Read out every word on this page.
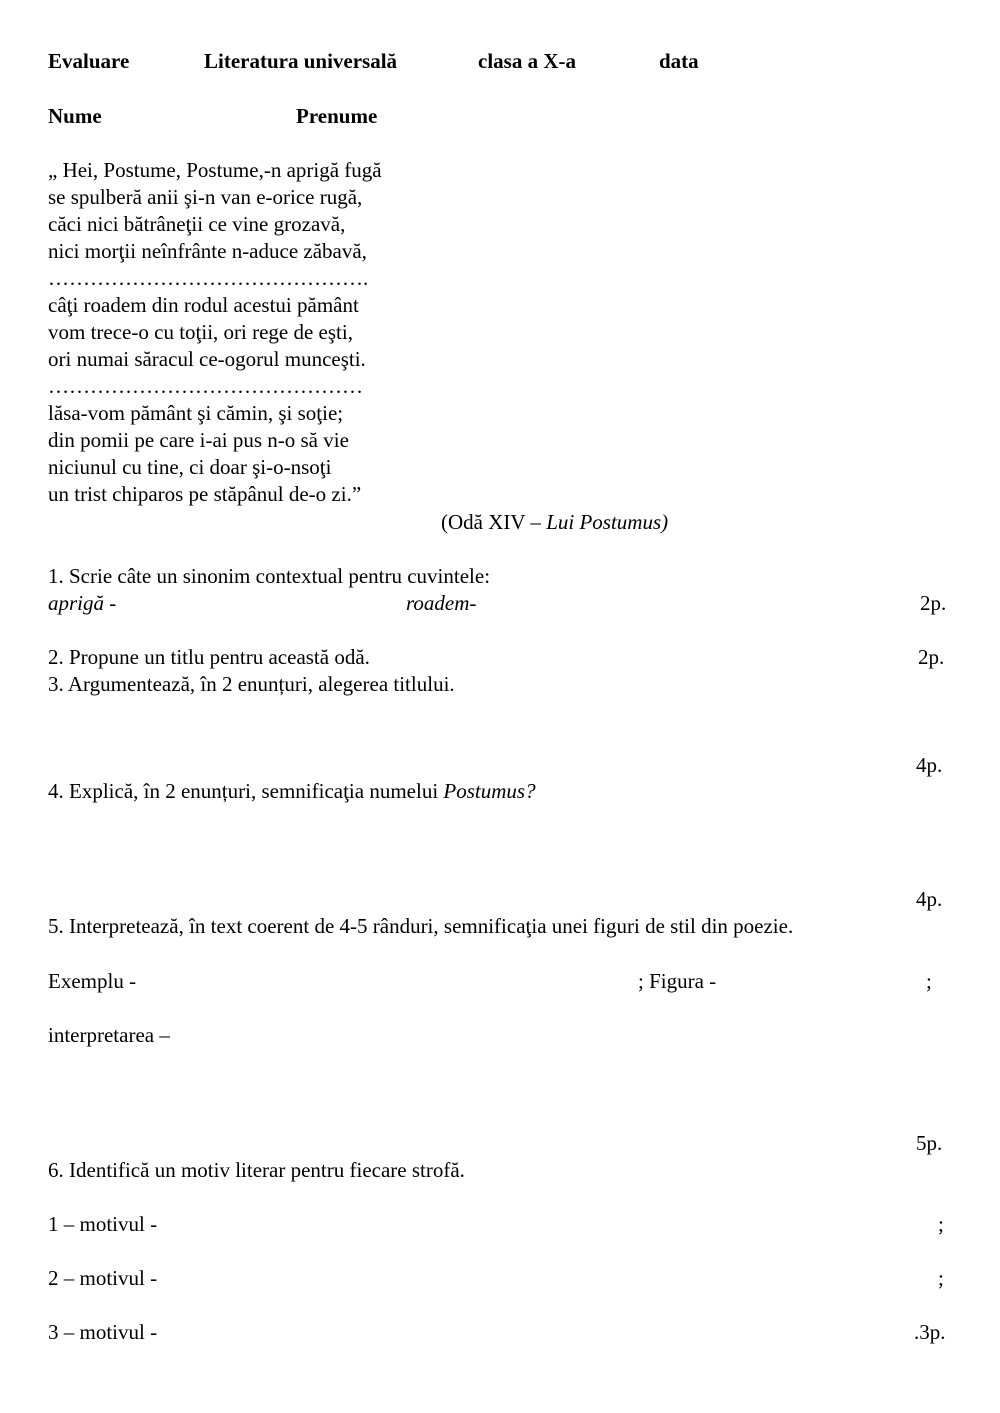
Evaluare	Literatura universală	clasa a X-a	data
Nume	Prenume
„ Hei, Postume, Postume,-n aprigă fugă
se spulberă anii şi-n van e-orice rugă,
căci nici bătrâneţii ce vine grozavă,
nici morţii neînfrânte n-aduce zăbavă,
……………………………………….
câţi roadem din rodul acestui pământ
vom trece-o cu toţii, ori rege de eşti,
ori numai săracul ce-ogorul munceşti.
………………………………………
lăsa-vom pământ şi cămin, şi soţie;
din pomii pe care i-ai pus n-o să vie
niciunul cu tine, ci doar şi-o-nsoţi
un trist chiparos pe stăpânul de-o zi.”
(Odă XIV – Lui Postumus)
1. Scrie câte un sinonim contextual pentru cuvintele:
aprigă -	roadem-	2p.
2. Propune un titlu pentru această odă.	2p.
3. Argumentează, în 2 enunțuri, alegerea titlului.
4p.
4. Explică, în 2 enunțuri, semnificaţia numelui Postumus?
4p.
5. Interpretează, în text coerent de 4-5 rânduri, semnificaţia unei figuri de stil din poezie.
Exemplu -	; Figura -	;
interpretarea –
5p.
6. Identifică un motiv literar pentru fiecare strofă.
1 – motivul -	;
2 – motivul -	;
3 – motivul -	.3p.
